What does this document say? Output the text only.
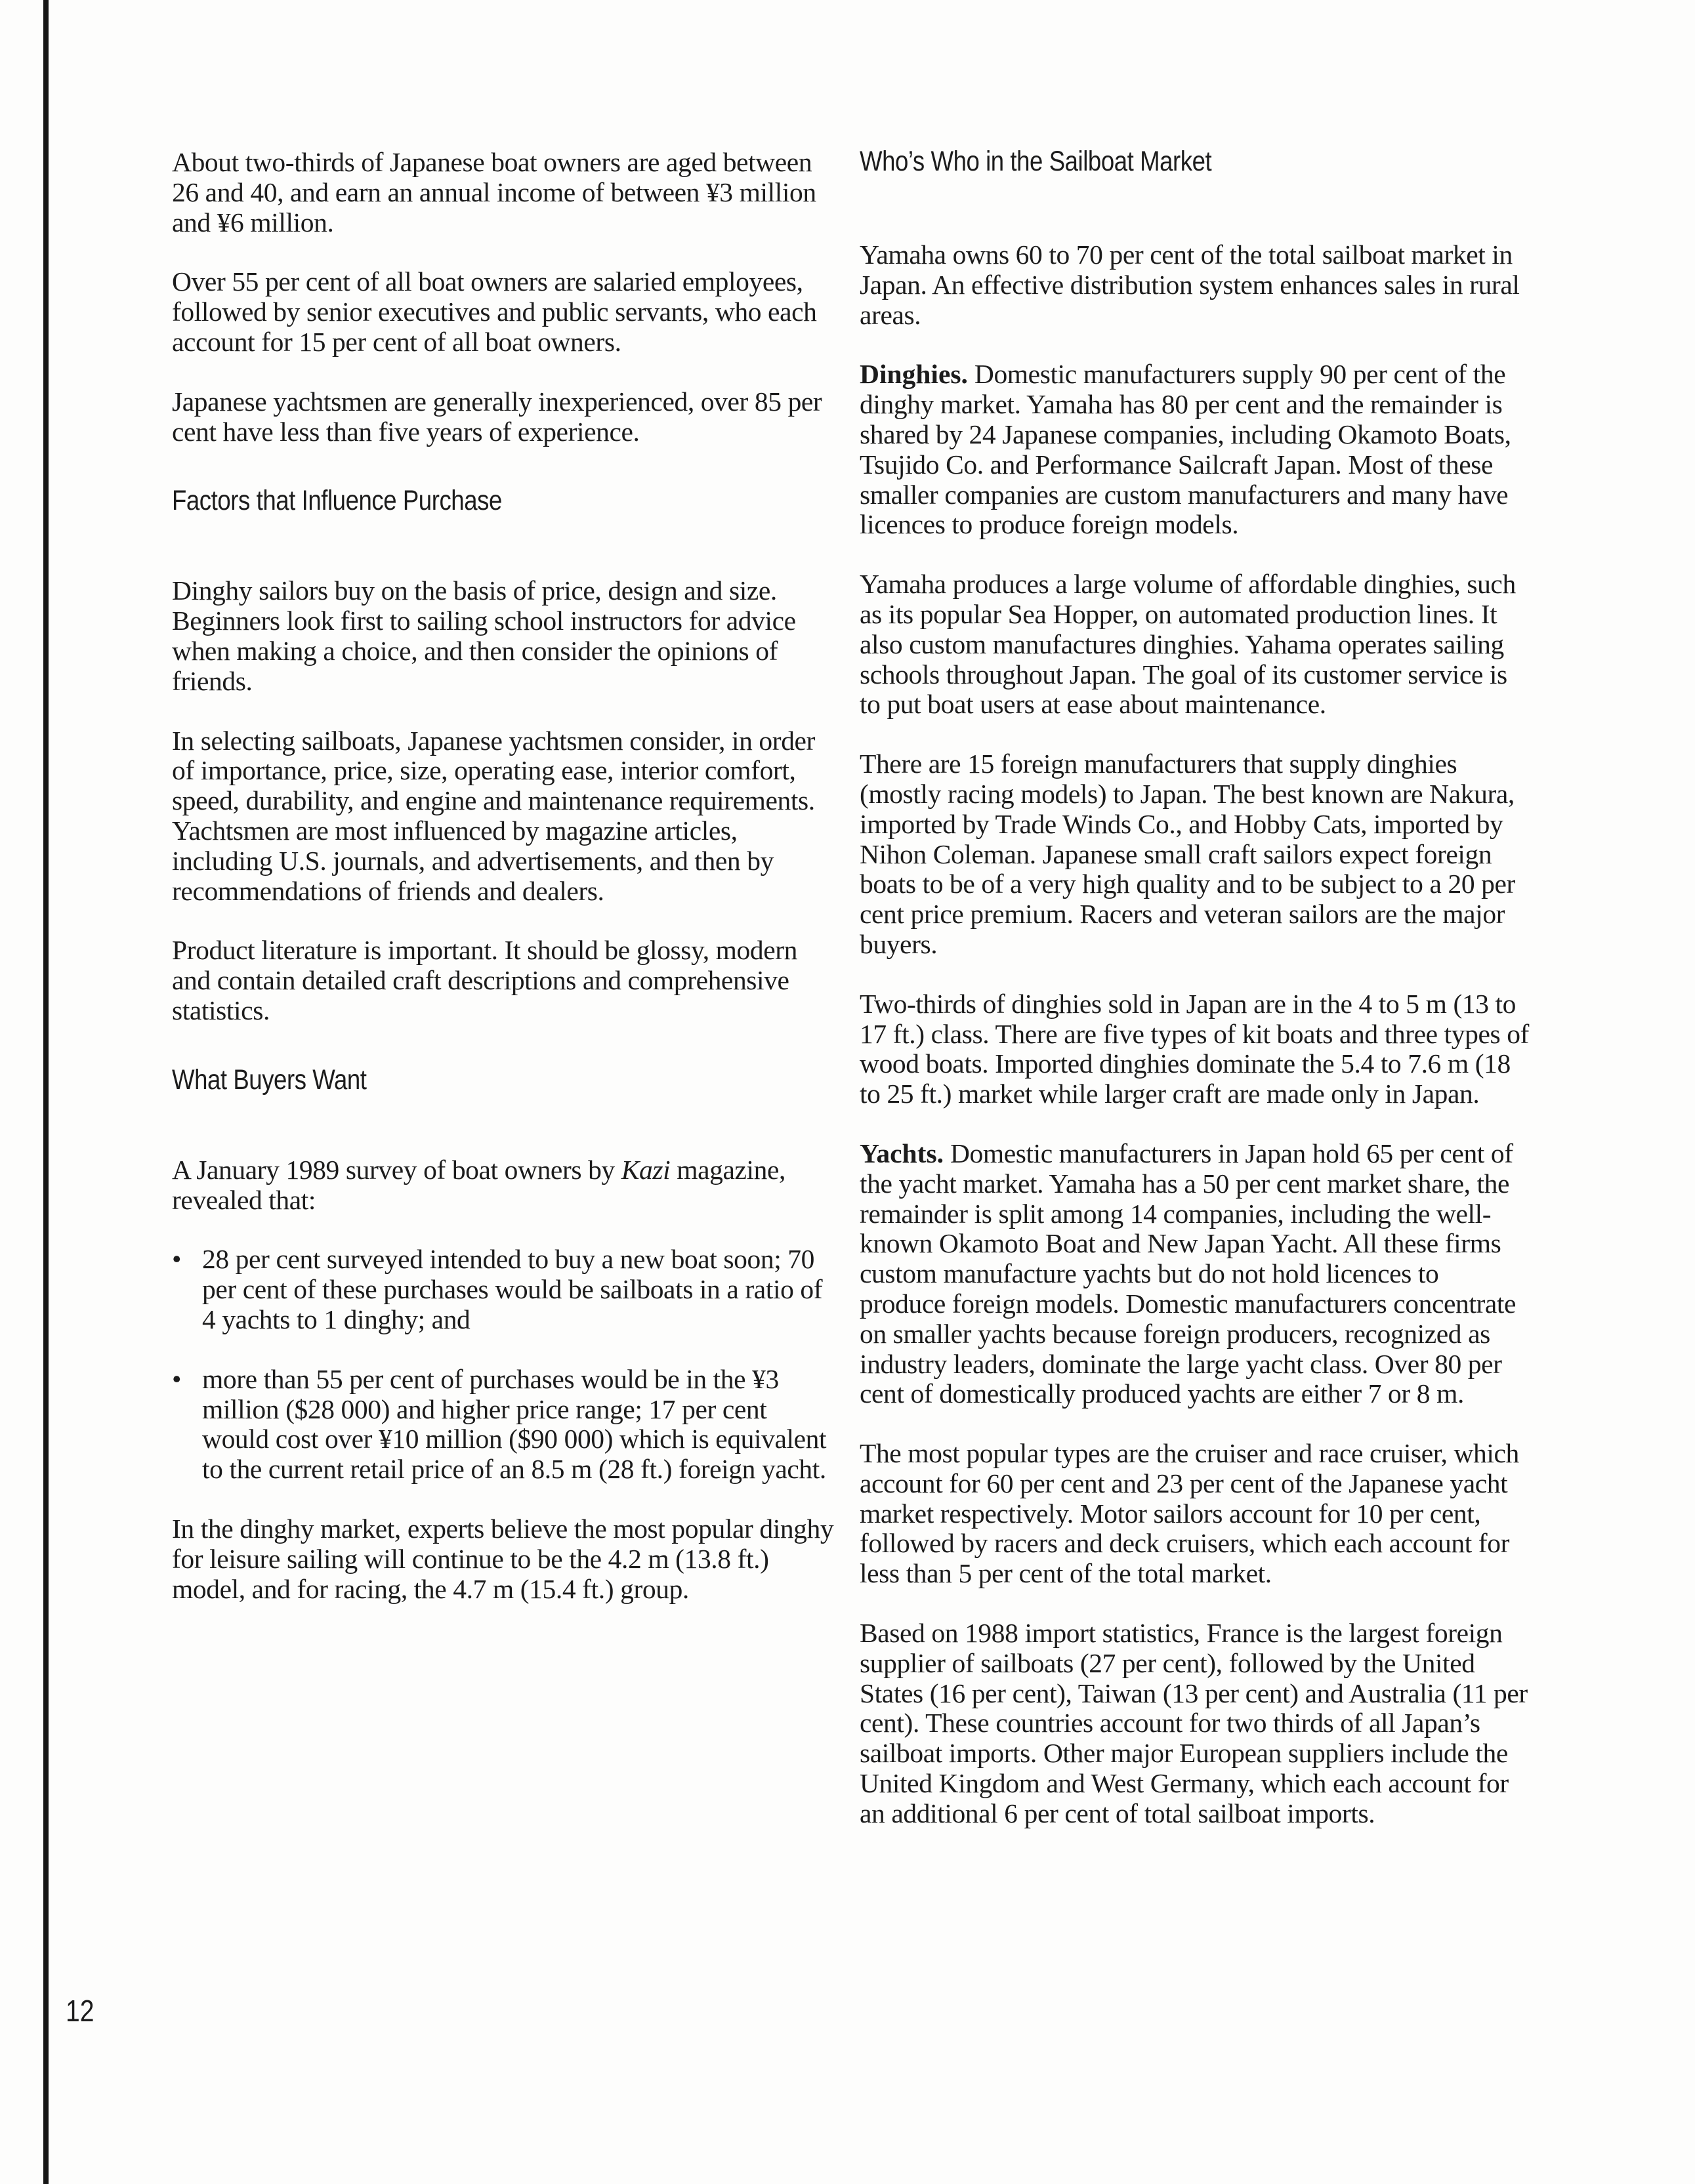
About two-thirds of Japanese boat owners are aged between 26 and 40, and earn an annual income of between ¥3 million and ¥6 million.

Over 55 per cent of all boat owners are salaried employees, followed by senior executives and public servants, who each account for 15 per cent of all boat owners.

Japanese yachtsmen are generally inexperienced, over 85 per cent have less than five years of experience.

Factors that Influence Purchase

Dinghy sailors buy on the basis of price, design and size. Beginners look first to sailing school instructors for advice when making a choice, and then consider the opinions of friends.

In selecting sailboats, Japanese yachtsmen consider, in order of importance, price, size, operating ease, interior comfort, speed, durability, and engine and maintenance requirements. Yachtsmen are most influenced by magazine articles, including U.S. journals, and advertisements, and then by recommendations of friends and dealers.

Product literature is important. It should be glossy, modern and contain detailed craft descriptions and comprehensive statistics.

What Buyers Want

A January 1989 survey of boat owners by Kazi magazine, revealed that:

• 28 per cent surveyed intended to buy a new boat soon; 70 per cent of these purchases would be sailboats in a ratio of 4 yachts to 1 dinghy; and
• more than 55 per cent of purchases would be in the ¥3 million ($28 000) and higher price range; 17 per cent would cost over ¥10 million ($90 000) which is equivalent to the current retail price of an 8.5 m (28 ft.) foreign yacht.

In the dinghy market, experts believe the most popular dinghy for leisure sailing will continue to be the 4.2 m (13.8 ft.) model, and for racing, the 4.7 m (15.4 ft.) group.

Who’s Who in the Sailboat Market

Yamaha owns 60 to 70 per cent of the total sailboat market in Japan. An effective distribution system enhances sales in rural areas.

Dinghies. Domestic manufacturers supply 90 per cent of the dinghy market. Yamaha has 80 per cent and the remainder is shared by 24 Japanese companies, including Okamoto Boats, Tsujido Co. and Performance Sailcraft Japan. Most of these smaller companies are custom manufacturers and many have licences to produce foreign models.

Yamaha produces a large volume of affordable dinghies, such as its popular Sea Hopper, on automated production lines. It also custom manufactures dinghies. Yahama operates sailing schools throughout Japan. The goal of its customer service is to put boat users at ease about maintenance.

There are 15 foreign manufacturers that supply dinghies (mostly racing models) to Japan. The best known are Nakura, imported by Trade Winds Co., and Hobby Cats, imported by Nihon Coleman. Japanese small craft sailors expect foreign boats to be of a very high quality and to be subject to a 20 per cent price premium. Racers and veteran sailors are the major buyers.

Two-thirds of dinghies sold in Japan are in the 4 to 5 m (13 to 17 ft.) class. There are five types of kit boats and three types of wood boats. Imported dinghies dominate the 5.4 to 7.6 m (18 to 25 ft.) market while larger craft are made only in Japan.

Yachts. Domestic manufacturers in Japan hold 65 per cent of the yacht market. Yamaha has a 50 per cent market share, the remainder is split among 14 companies, including the well-known Okamoto Boat and New Japan Yacht. All these firms custom manufacture yachts but do not hold licences to produce foreign models. Domestic manufacturers concentrate on smaller yachts because foreign producers, recognized as industry leaders, dominate the large yacht class. Over 80 per cent of domestically produced yachts are either 7 or 8 m.

The most popular types are the cruiser and race cruiser, which account for 60 per cent and 23 per cent of the Japanese yacht market respectively. Motor sailors account for 10 per cent, followed by racers and deck cruisers, which each account for less than 5 per cent of the total market.

Based on 1988 import statistics, France is the largest foreign supplier of sailboats (27 per cent), followed by the United States (16 per cent), Taiwan (13 per cent) and Australia (11 per cent). These countries account for two thirds of all Japan’s sailboat imports. Other major European suppliers include the United Kingdom and West Germany, which each account for an additional 6 per cent of total sailboat imports.

12
